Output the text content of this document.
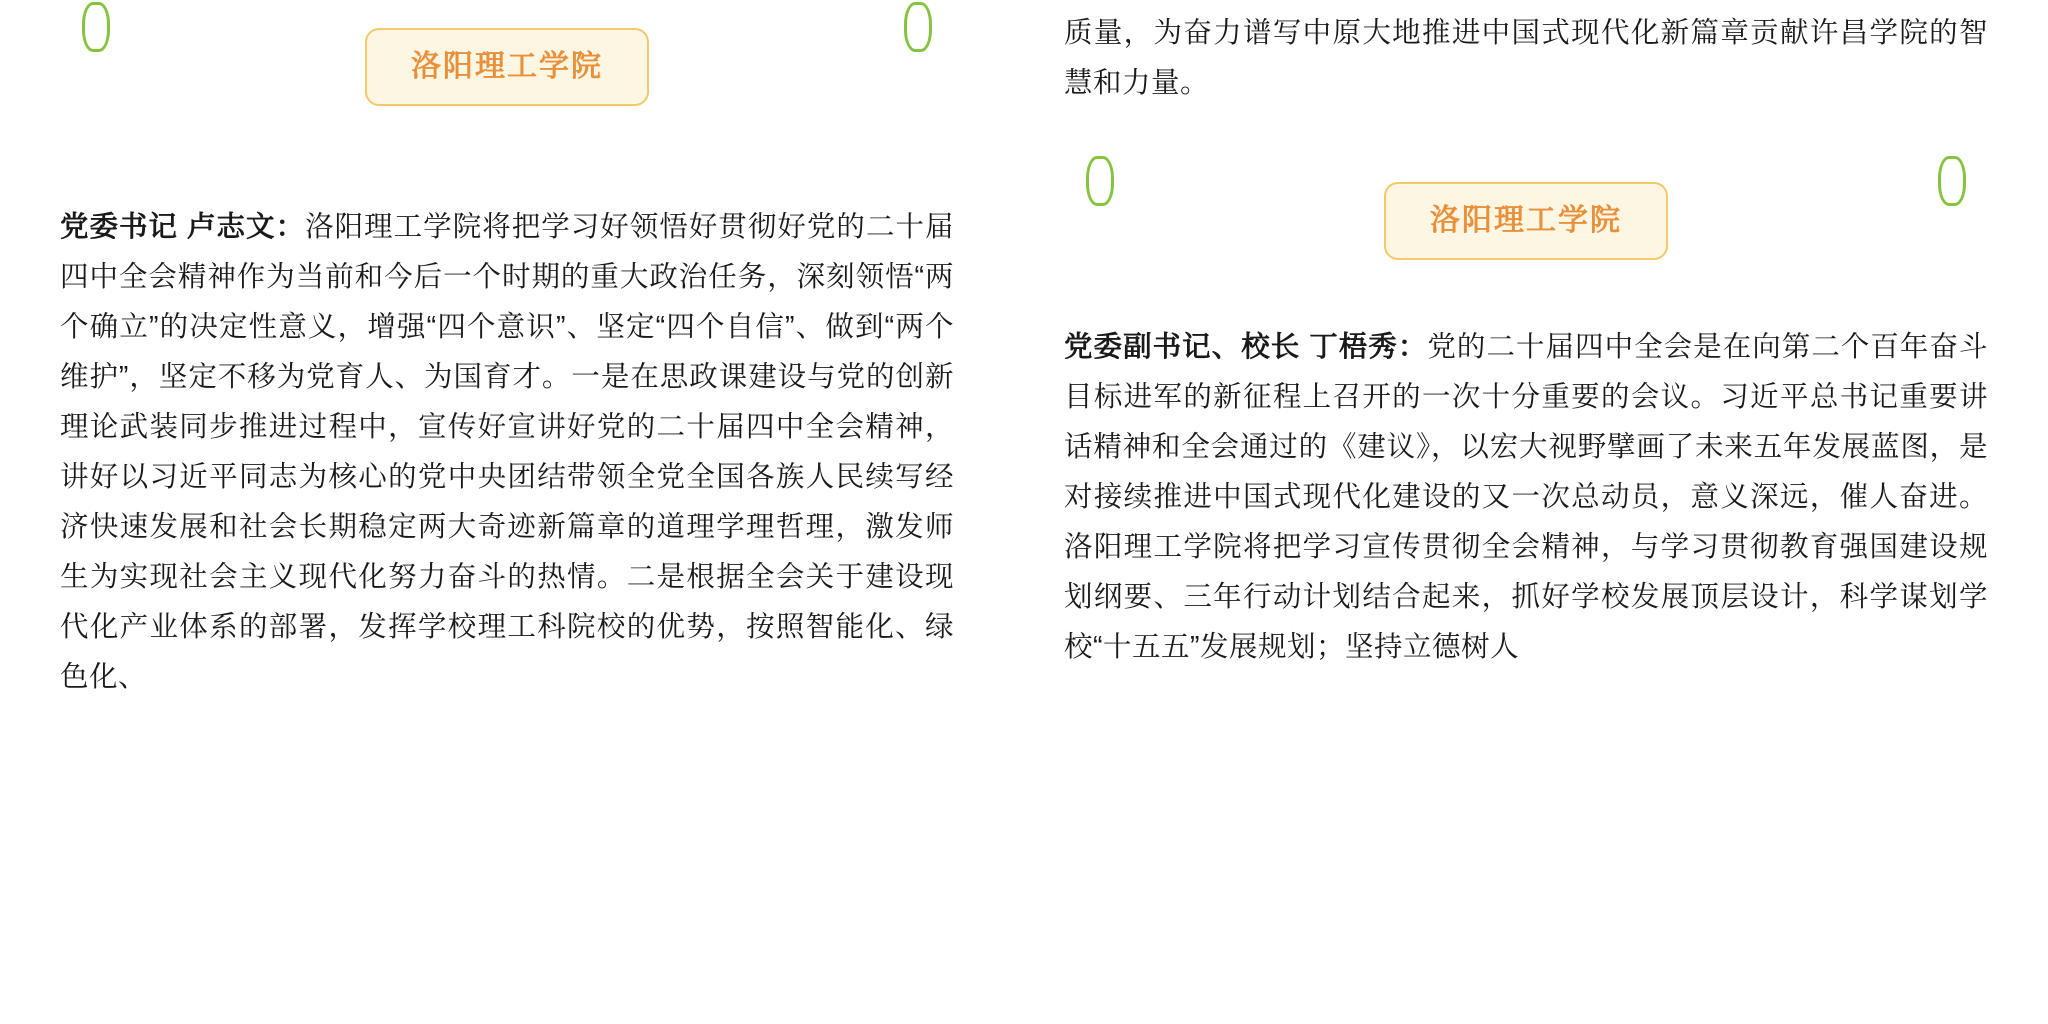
洛阳理工学院

党委书记 卢志文：洛阳理工学院将把学习好领悟好贯彻好党的二十届四中全会精神作为当前和今后一个时期的重大政治任务，深刻领悟“两个确立”的决定性意义，增强“四个意识”、坚定“四个自信”、做到“两个维护”，坚定不移为党育人、为国育才。一是在思政课建设与党的创新理论武装同步推进过程中，宣传好宣讲好党的二十届四中全会精神，讲好以习近平同志为核心的党中央团结带领全党全国各族人民续写经济快速发展和社会长期稳定两大奇迹新篇章的道理学理哲理，激发师生为实现社会主义现代化努力奋斗的热情。二是根据全会关于建设现代化产业体系的部署，发挥学校理工科院校的优势，按照智能化、绿色化、

质量，为奋力谱写中原大地推进中国式现代化新篇章贡献许昌学院的智慧和力量。

洛阳理工学院

党委副书记、校长 丁梧秀：党的二十届四中全会是在向第二个百年奋斗目标进军的新征程上召开的一次十分重要的会议。习近平总书记重要讲话精神和全会通过的《建议》，以宏大视野擘画了未来五年发展蓝图，是对接续推进中国式现代化建设的又一次总动员，意义深远，催人奋进。洛阳理工学院将把学习宣传贯彻全会精神，与学习贯彻教育强国建设规划纲要、三年行动计划结合起来，抓好学校发展顶层设计，科学谋划学校“十五五”发展规划；坚持立德树人
